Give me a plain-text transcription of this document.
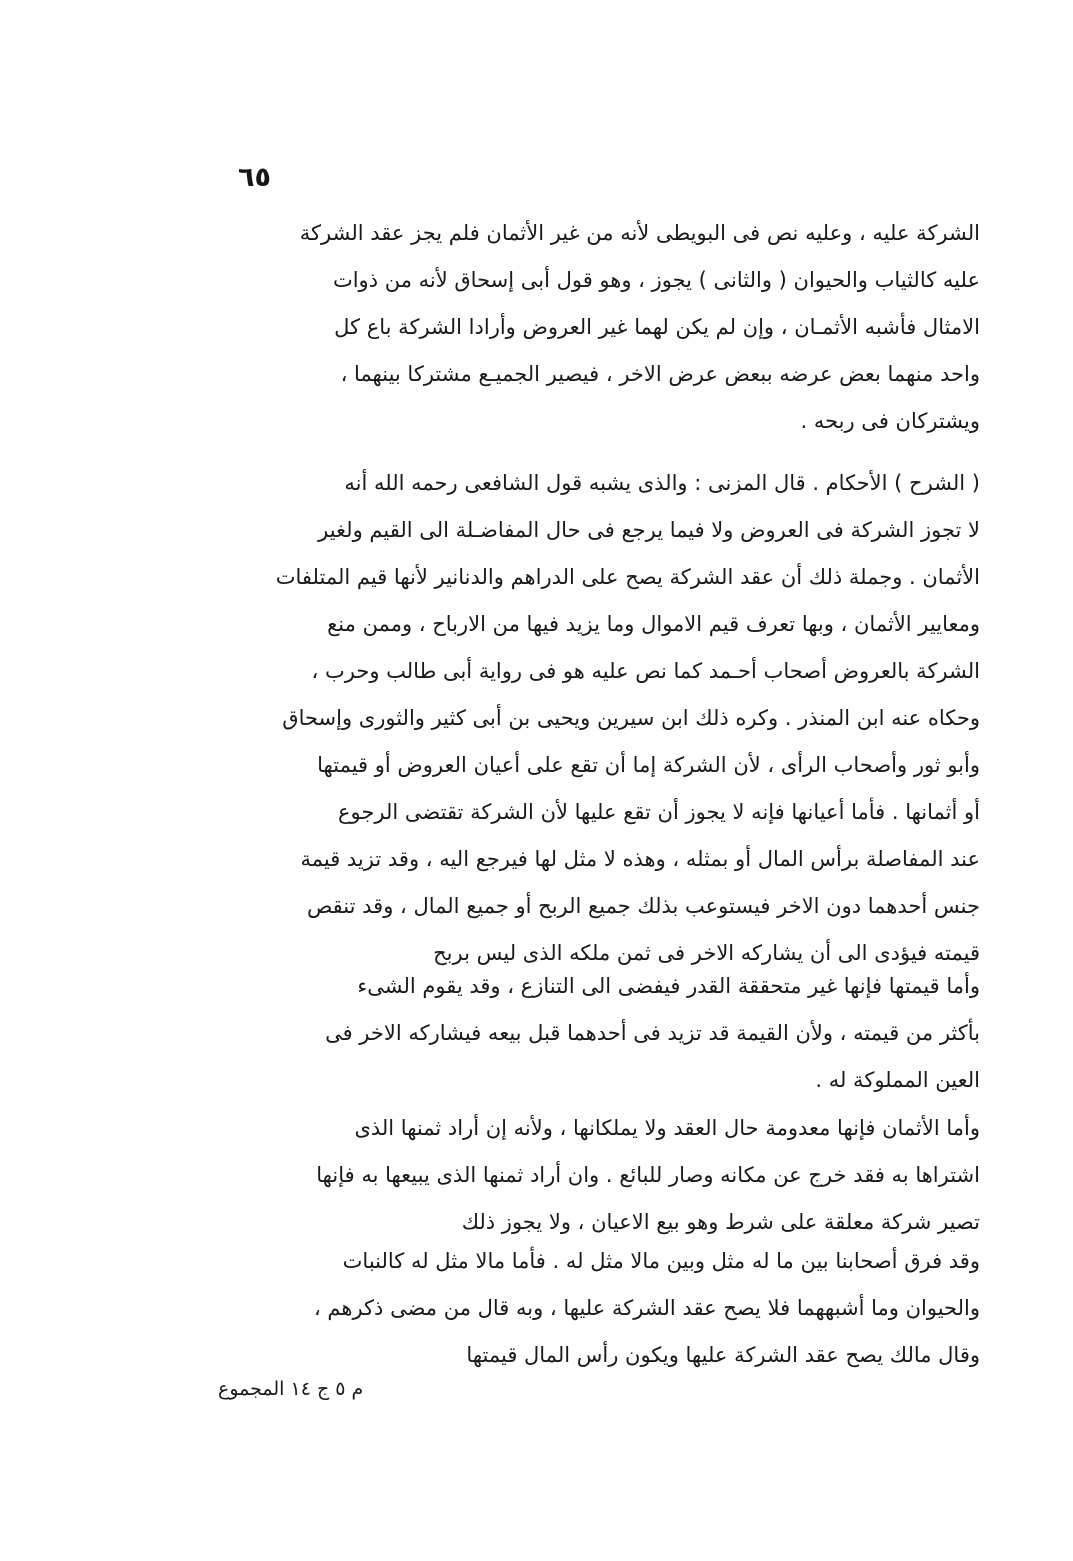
٦٥
الشركة عليه ، وعليه نص فى البويطى لأنه من غير الأثمان فلم يجز عقد الشركة
عليه كالثياب والحيوان ( والثانى ) يجوز ، وهو قول أبى إسحاق لأنه من ذوات
الامثال فأشبه الأثمـان ، وإن لم يكن لهما غير العروض وأرادا الشركة باع كل
واحد منهما بعض عرضه ببعض عرض الاخر ، فيصير الجميـع مشتركا بينهما ،
ويشتركان فى ربحه .
( الشرح ) الأحكام . قال المزنى : والذى يشبه قول الشافعى رحمه الله أنه
لا تجوز الشركة فى العروض ولا فيما يرجع فى حال المفاضـلة الى القيم ولغير
الأثمان . وجملة ذلك أن عقد الشركة يصح على الدراهم والدنانير لأنها قيم المتلفات
ومعايير الأثمان ، وبها تعرف قيم الاموال وما يزيد فيها من الارباح ، وممن منع
الشركة بالعروض أصحاب أحـمد كما نص عليه هو فى رواية أبى طالب وحرب ،
وحكاه عنه ابن المنذر . وكره ذلك ابن سيرين ويحيى بن أبى كثير والثورى وإسحاق
وأبو ثور وأصحاب الرأى ، لأن الشركة إما أن تقع على أعيان العروض أو قيمتها
أو أثمانها . فأما أعيانها فإنه لا يجوز أن تقع عليها لأن الشركة تقتضى الرجوع
عند المفاصلة برأس المال أو بمثله ، وهذه لا مثل لها فيرجع اليه ، وقد تزيد قيمة
جنس أحدهما دون الاخر فيستوعب بذلك جميع الربح أو جميع المال ، وقد تنقص
قيمته فيؤدى الى أن يشاركه الاخر فى ثمن ملكه الذى ليس بربح
وأما قيمتها فإنها غير متحققة القدر فيفضى الى التنازع ، وقد يقوم الشىء
بأكثر من قيمته ، ولأن القيمة قد تزيد فى أحدهما قبل بيعه فيشاركه الاخر فى
العين المملوكة له .
وأما الأثمان فإنها معدومة حال العقد ولا يملكانها ، ولأنه إن أراد ثمنها الذى
اشتراها به فقد خرج عن مكانه وصار للبائع . وان أراد ثمنها الذى يبيعها به فإنها
تصير شركة معلقة على شرط وهو بيع الاعيان ، ولا يجوز ذلك
وقد فرق أصحابنا بين ما له مثل وبين مالا مثل له . فأما مالا مثل له كالنبات
والحيوان وما أشبههما فلا يصح عقد الشركة عليها ، وبه قال من مضى ذكرهم ،
وقال مالك يصح عقد الشركة عليها ويكون رأس المال قيمتها
م ٥ ج ١٤ المجموع
